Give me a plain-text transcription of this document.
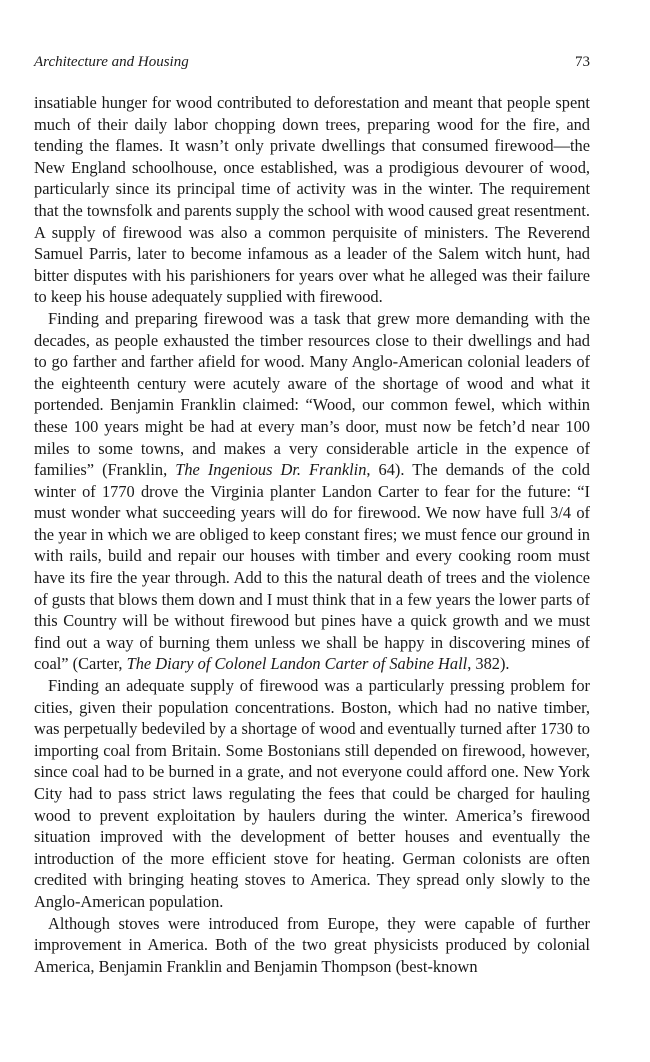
Architecture and Housing	73

insatiable hunger for wood contributed to deforestation and meant that people spent much of their daily labor chopping down trees, preparing wood for the fire, and tending the flames. It wasn’t only private dwellings that consumed firewood—the New England schoolhouse, once established, was a prodigious devourer of wood, particularly since its principal time of activity was in the winter. The requirement that the townsfolk and parents supply the school with wood caused great resentment. A supply of firewood was also a common perquisite of ministers. The Reverend Samuel Parris, later to become infamous as a leader of the Salem witch hunt, had bitter disputes with his parishioners for years over what he alleged was their failure to keep his house adequately supplied with firewood.

Finding and preparing firewood was a task that grew more demanding with the decades, as people exhausted the timber resources close to their dwellings and had to go farther and farther afield for wood. Many Anglo-American colonial leaders of the eighteenth century were acutely aware of the shortage of wood and what it portended. Benjamin Franklin claimed: “Wood, our common fewel, which within these 100 years might be had at every man’s door, must now be fetch’d near 100 miles to some towns, and makes a very considerable article in the expence of families” (Franklin, The Ingenious Dr. Franklin, 64). The demands of the cold winter of 1770 drove the Virginia planter Landon Carter to fear for the future: “I must wonder what succeeding years will do for firewood. We now have full 3/4 of the year in which we are obliged to keep constant fires; we must fence our ground in with rails, build and repair our houses with timber and every cooking room must have its fire the year through. Add to this the natural death of trees and the violence of gusts that blows them down and I must think that in a few years the lower parts of this Country will be without firewood but pines have a quick growth and we must find out a way of burning them unless we shall be happy in discovering mines of coal” (Carter, The Diary of Colonel Landon Carter of Sabine Hall, 382).

Finding an adequate supply of firewood was a particularly pressing problem for cities, given their population concentrations. Boston, which had no native timber, was perpetually bedeviled by a shortage of wood and eventually turned after 1730 to importing coal from Britain. Some Bostonians still depended on firewood, however, since coal had to be burned in a grate, and not everyone could afford one. New York City had to pass strict laws regulating the fees that could be charged for hauling wood to prevent exploitation by haulers during the winter. America’s firewood situation improved with the development of better houses and eventually the introduction of the more efficient stove for heating. German colonists are often credited with bringing heating stoves to America. They spread only slowly to the Anglo-American population.

Although stoves were introduced from Europe, they were capable of further improvement in America. Both of the two great physicists produced by colonial America, Benjamin Franklin and Benjamin Thompson (best-known
